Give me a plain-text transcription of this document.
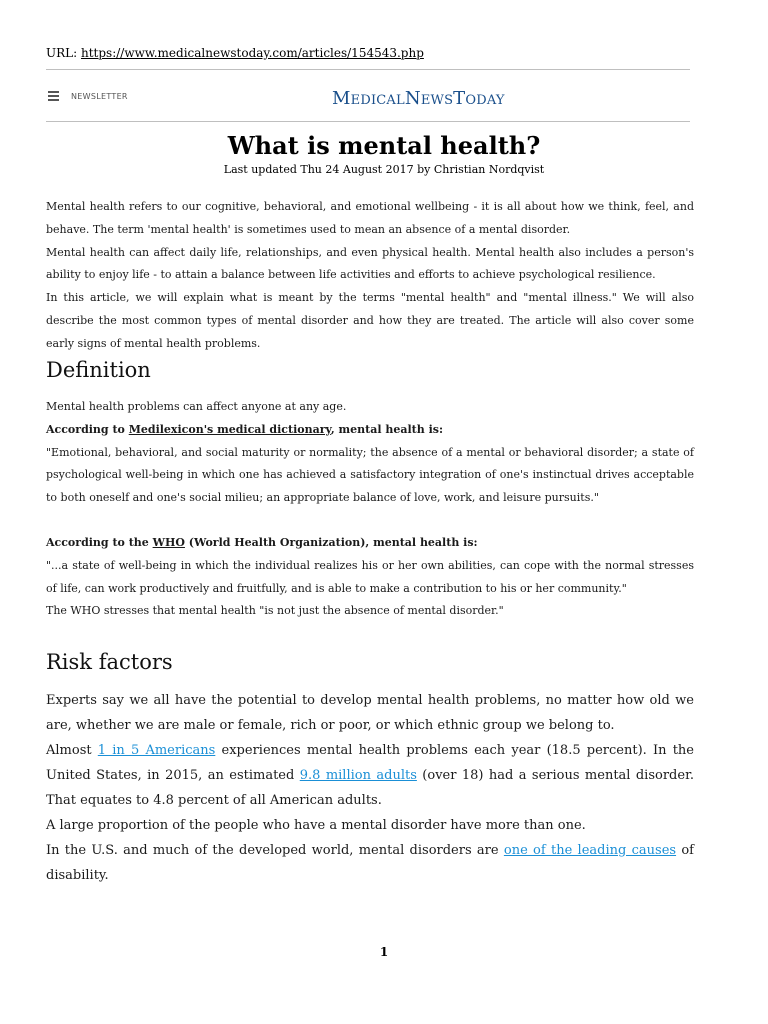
URL: https://www.medicalnewstoday.com/articles/154543.php
NEWSLETTER	MEDICALNEWSTODAY
What is mental health?
Last updated Thu 24 August 2017 by Christian Nordqvist

Mental health refers to our cognitive, behavioral, and emotional wellbeing - it is all about how we think, feel, and behave. The term 'mental health' is sometimes used to mean an absence of a mental disorder.

Mental health can affect daily life, relationships, and even physical health. Mental health also includes a person's ability to enjoy life - to attain a balance between life activities and efforts to achieve psychological resilience.

In this article, we will explain what is meant by the terms "mental health" and "mental illness." We will also describe the most common types of mental disorder and how they are treated. The article will also cover some early signs of mental health problems.

Definition

Mental health problems can affect anyone at any age.

According to Medilexicon's medical dictionary, mental health is:

"Emotional, behavioral, and social maturity or normality; the absence of a mental or behavioral disorder; a state of psychological well-being in which one has achieved a satisfactory integration of one's instinctual drives acceptable to both oneself and one's social milieu; an appropriate balance of love, work, and leisure pursuits."

According to the WHO (World Health Organization), mental health is:

"...a state of well-being in which the individual realizes his or her own abilities, can cope with the normal stresses of life, can work productively and fruitfully, and is able to make a contribution to his or her community."

The WHO stresses that mental health "is not just the absence of mental disorder."

Risk factors

Experts say we all have the potential to develop mental health problems, no matter how old we are, whether we are male or female, rich or poor, or which ethnic group we belong to.

Almost 1 in 5 Americans experiences mental health problems each year (18.5 percent). In the United States, in 2015, an estimated 9.8 million adults (over 18) had a serious mental disorder. That equates to 4.8 percent of all American adults.

A large proportion of the people who have a mental disorder have more than one.

In the U.S. and much of the developed world, mental disorders are one of the leading causes of disability.

1
